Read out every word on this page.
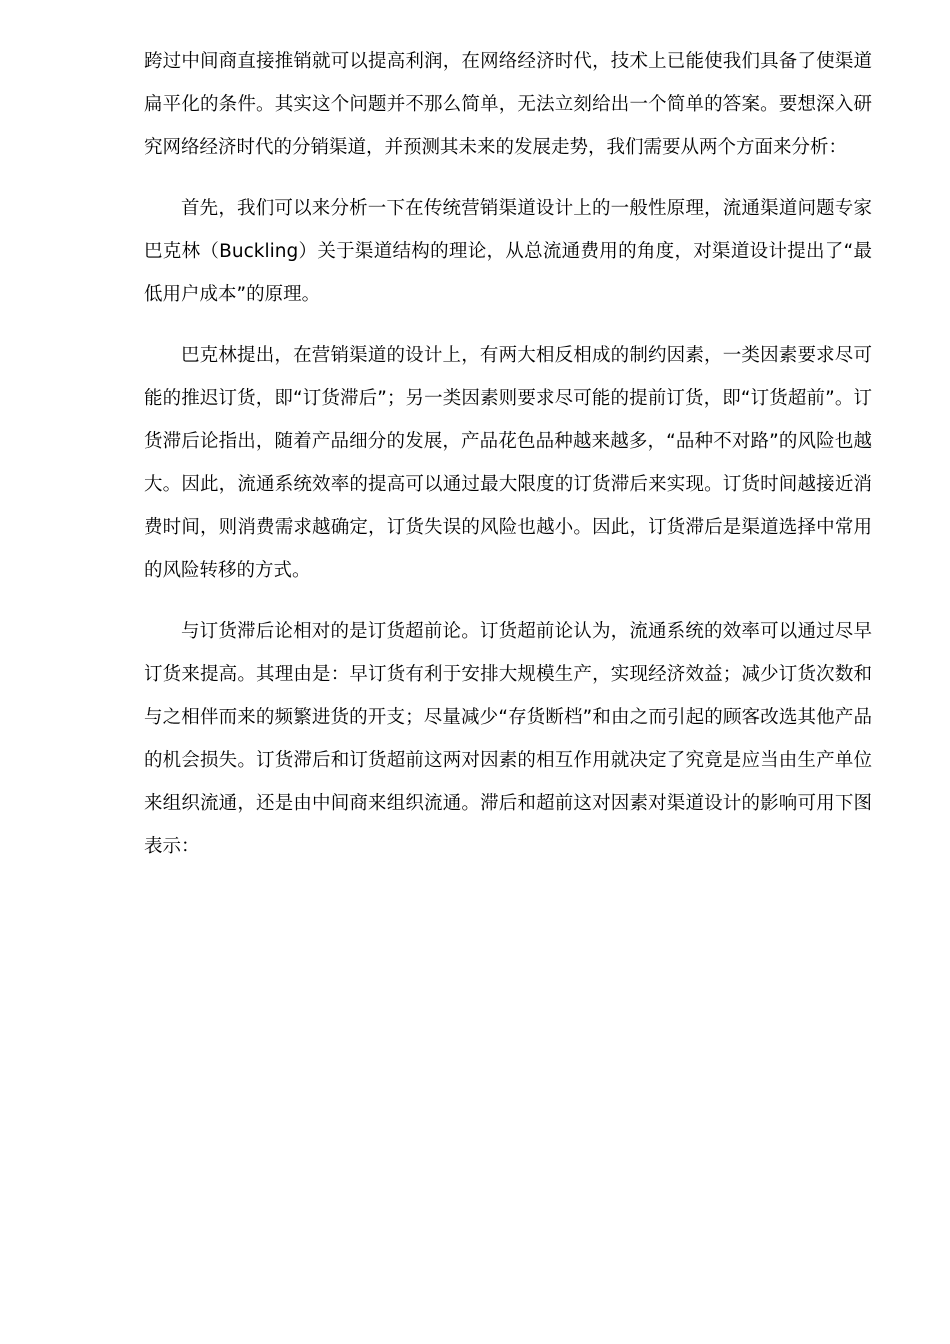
跨过中间商直接推销就可以提高利润，在网络经济时代，技术上已能使我们具备了使渠道扁平化的条件。其实这个问题并不那么简单，无法立刻给出一个简单的答案。要想深入研究网络经济时代的分销渠道，并预测其未来的发展走势，我们需要从两个方面来分析：

首先，我们可以来分析一下在传统营销渠道设计上的一般性原理，流通渠道问题专家巴克林（Buckling）关于渠道结构的理论，从总流通费用的角度，对渠道设计提出了“最低用户成本”的原理。

巴克林提出，在营销渠道的设计上，有两大相反相成的制约因素，一类因素要求尽可能的推迟订货，即“订货滞后”；另一类因素则要求尽可能的提前订货，即“订货超前”。订货滞后论指出，随着产品细分的发展，产品花色品种越来越多，“品种不对路”的风险也越大。因此，流通系统效率的提高可以通过最大限度的订货滞后来实现。订货时间越接近消费时间，则消费需求越确定，订货失误的风险也越小。因此，订货滞后是渠道选择中常用的风险转移的方式。

与订货滞后论相对的是订货超前论。订货超前论认为，流通系统的效率可以通过尽早订货来提高。其理由是：早订货有利于安排大规模生产，实现经济效益；减少订货次数和与之相伴而来的频繁进货的开支；尽量减少“存货断档”和由之而引起的顾客改选其他产品的机会损失。订货滞后和订货超前这两对因素的相互作用就决定了究竟是应当由生产单位来组织流通，还是由中间商来组织流通。滞后和超前这对因素对渠道设计的影响可用下图表示：
